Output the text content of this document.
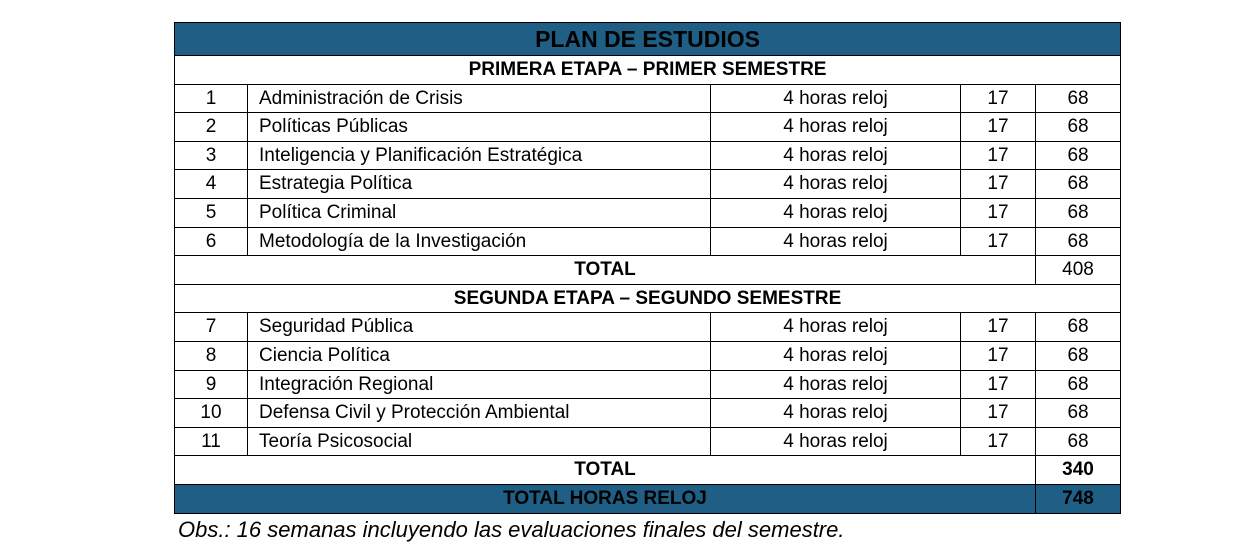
PLAN DE ESTUDIOS				
PRIMERA ETAPA – PRIMER SEMESTRE				
1	Administración de Crisis	4 horas reloj	17	68
2	Políticas Públicas	4 horas reloj	17	68
3	Inteligencia y Planificación Estratégica	4 horas reloj	17	68
4	Estrategia Política	4 horas reloj	17	68
5	Política Criminal	4 horas reloj	17	68
6	Metodología de la Investigación	4 horas reloj	17	68
TOTAL				408
SEGUNDA ETAPA – SEGUNDO SEMESTRE				
7	Seguridad Pública	4 horas reloj	17	68
8	Ciencia Política	4 horas reloj	17	68
9	Integración Regional	4 horas reloj	17	68
10	Defensa Civil y Protección Ambiental	4 horas reloj	17	68
11	Teoría Psicosocial	4 horas reloj	17	68
TOTAL				340
TOTAL HORAS RELOJ				748
Obs.: 16 semanas incluyendo las evaluaciones finales del semestre.
